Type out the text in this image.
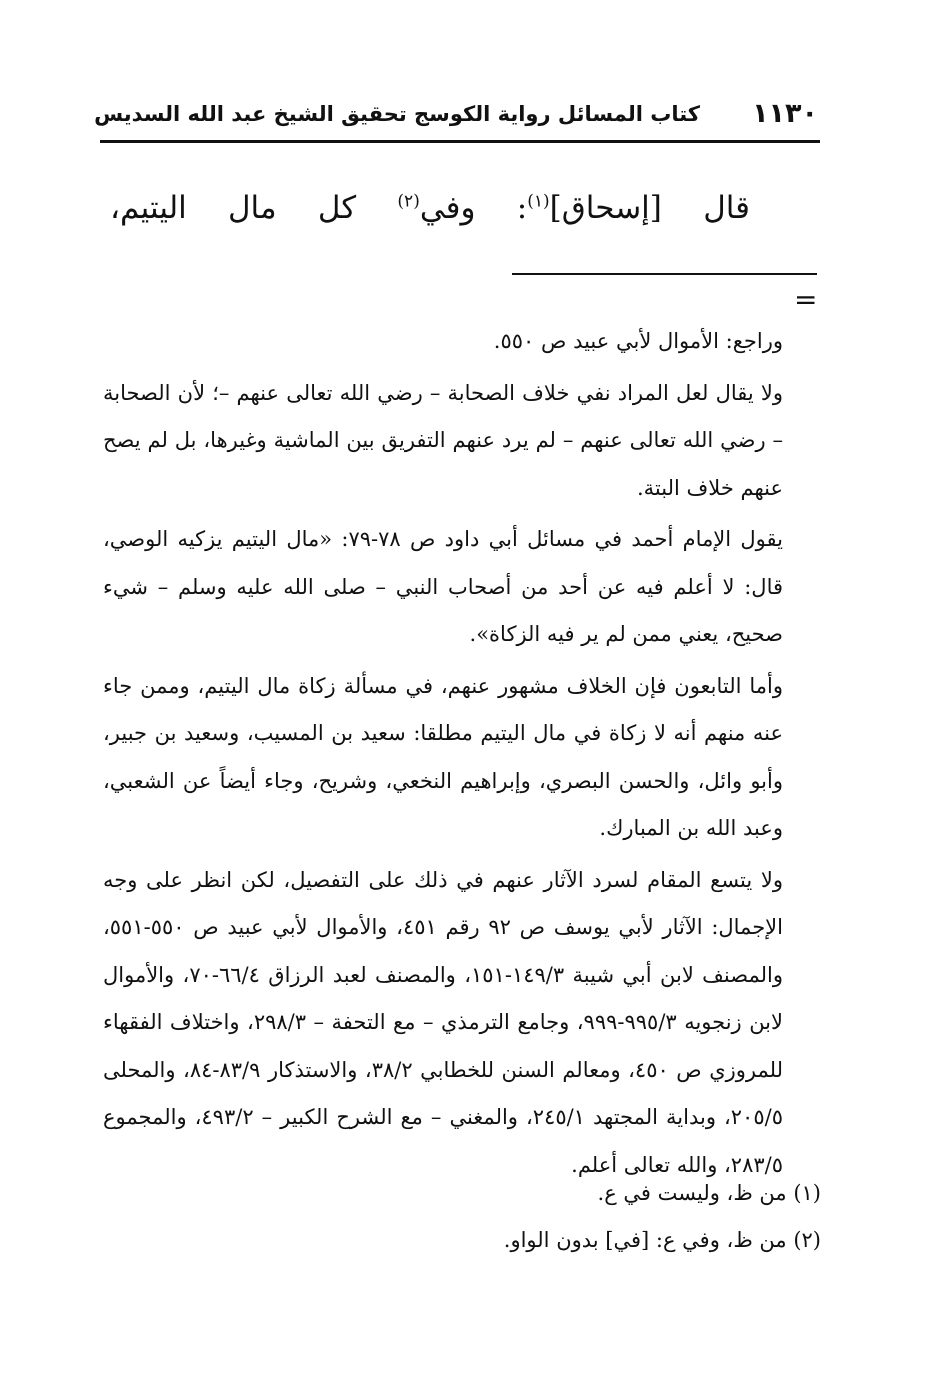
١١٣٠
كتاب المسائل رواية الكوسج تحقيق الشيخ عبد الله السديس
قال [إسحاق]$^{(١)}$: وفي$^{(٢)}$ كل مال اليتيم،
=

وراجع: الأموال لأبي عبيد ص ٥٥٠.

ولا يقال لعل المراد نفي خلاف الصحابة – رضي الله تعالى عنهم –؛ لأن الصحابة – رضي الله تعالى عنهم – لم يرد عنهم التفريق بين الماشية وغيرها، بل لم يصح عنهم خلاف البتة.

يقول الإمام أحمد في مسائل أبي داود ص ٧٨-٧٩: «مال اليتيم يزكيه الوصي، قال: لا أعلم فيه عن أحد من أصحاب النبي – صلى الله عليه وسلم – شيء صحيح، يعني ممن لم ير فيه الزكاة».

وأما التابعون فإن الخلاف مشهور عنهم، في مسألة زكاة مال اليتيم، وممن جاء عنه منهم أنه لا زكاة في مال اليتيم مطلقا: سعيد بن المسيب، وسعيد بن جبير، وأبو وائل، والحسن البصري، وإبراهيم النخعي، وشريح، وجاء أيضاً عن الشعبي، وعبد الله بن المبارك.

ولا يتسع المقام لسرد الآثار عنهم في ذلك على التفصيل، لكن انظر على وجه الإجمال: الآثار لأبي يوسف ص ٩٢ رقم ٤٥١، والأموال لأبي عبيد ص ٥٥٠-٥٥١، والمصنف لابن أبي شيبة ١٤٩/٣-١٥١، والمصنف لعبد الرزاق ٦٦/٤-٧٠، والأموال لابن زنجويه ٩٩٥/٣-٩٩٩، وجامع الترمذي – مع التحفة – ٢٩٨/٣، واختلاف الفقهاء للمروزي ص ٤٥٠، ومعالم السنن للخطابي ٣٨/٢، والاستذكار ٨٣/٩-٨٤، والمحلى ٢٠٥/٥، وبداية المجتهد ٢٤٥/١، والمغني – مع الشرح الكبير – ٤٩٣/٢، والمجموع ٢٨٣/٥، والله تعالى أعلم.

(١) من ظ، وليست في ع.

(٢) من ظ، وفي ع: [في] بدون الواو.
